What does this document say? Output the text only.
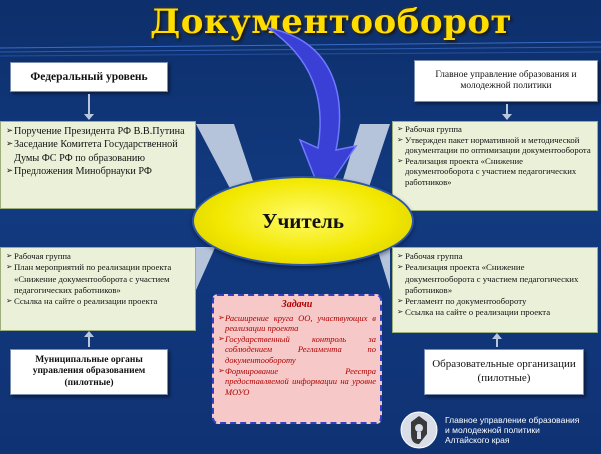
Документооборот
Федеральный уровень
➢ Поручение Президента РФ В.В.Путина
➢ Заседание Комитета Государственной Думы ФС РФ по образованию
➢ Предложения Минобрнауки РФ
Главное управление образования и молодежной политики
➢ Рабочая группа
➢ Утвержден пакет нормативной и методической документации по оптимизации документооборота
➢ Реализация проекта «Снижение документооборота с участием педагогических работников»
Учитель
➢ Рабочая группа
➢ План мероприятий по реализации проекта «Снижение документооборота с участием педагогических работников»
➢ Ссылка на сайте о реализации проекта
Муниципальные органы управления образованием (пилотные)
➢ Рабочая группа
➢ Реализация проекта «Снижение документооборота с участием педагогических работников»
➢ Регламент по документообороту
➢ Ссылка на сайте о реализации проекта
Образовательные организации (пилотные)
Задачи
➢ Расширение круга ОО, участвующих в реализации проекта
➢ Государственный контроль за соблюдением Регламента по документообороту
➢ Формирование Реестра предоставляемой информации на уровне МОУО
Главное управление образования
и молодежной политики
Алтайского края
